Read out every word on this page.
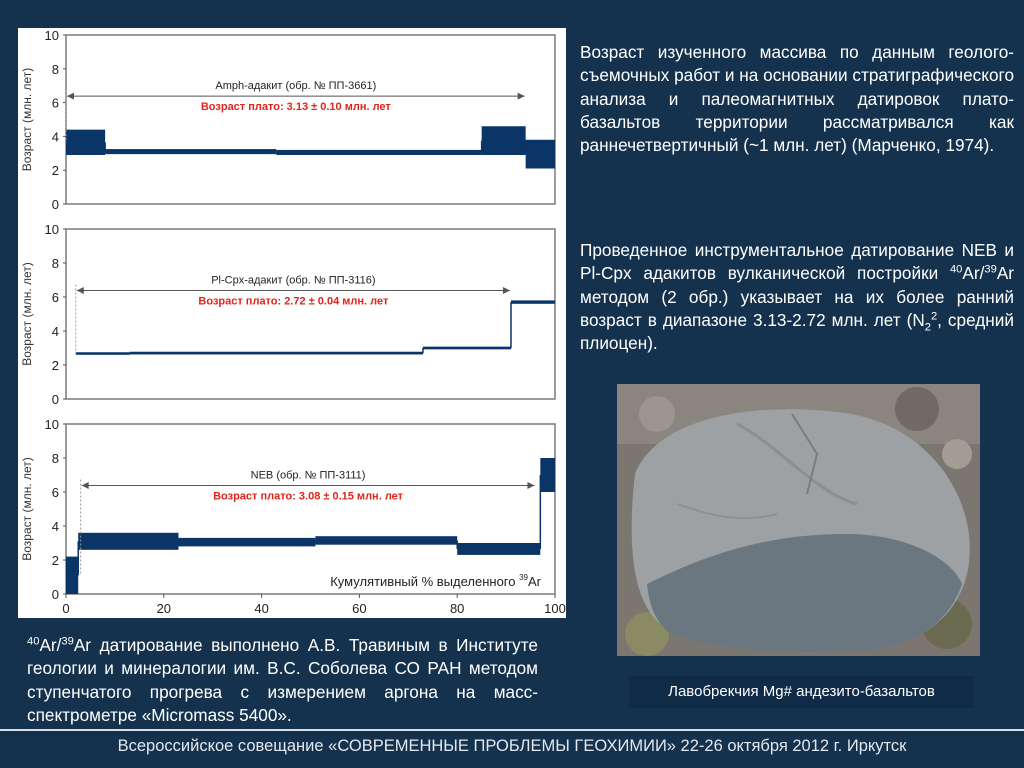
0
2
4
6
8
10
Возраст (млн. лет)	Amph-адакит (обр. № ПП-3661)
Возраст плато: 3.13 ± 0.10 млн. лет
0
2
4
6
8
10
Возраст (млн. лет)	Pl-Cpx-адакит (обр. № ПП-3116)
Возраст плато: 2.72 ± 0.04 млн. лет
0
2
4
6
8
10
Возраст (млн. лет)	NEB (обр. № ПП-3111)
Возраст плато: 3.08 ± 0.15 млн. лет
0	20	40	60	80	100
Кумулятивный % выделенного $^{39}$Ar
Возраст изученного массива по данным геолого-съемочных работ и на основании стратиграфического анализа и палеомагнитных датировок плато-базальтов территории рассматривался как раннечетвертичный (~1 млн. лет) (Марченко, 1974).
Проведенное инструментальное датирование NEB и Pl-Cpx адакитов вулканической постройки $^{40}$Ar/$^{39}$Ar методом (2 обр.) указывает на их более ранний возраст в диапазоне 3.13-2.72 млн. лет ($N_2^2$, средний плиоцен).
$^{40}$Ar/$^{39}$Ar датирование выполнено А.В. Травиным в Институте геологии и минералогии им. В.С. Соболева СО РАН методом ступенчатого прогрева с измерением аргона на масс-спектрометре «Micromass 5400».
Лавобрекчия Mg# андезито-базальтов
Всероссийское совещание «СОВРЕМЕННЫЕ ПРОБЛЕМЫ ГЕОХИМИИ» 22-26 октября 2012 г. Иркутск
